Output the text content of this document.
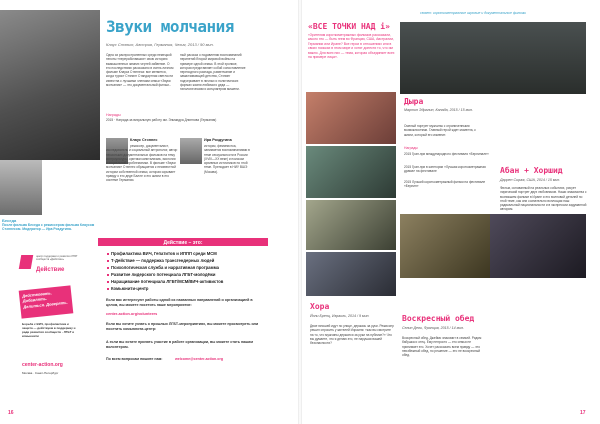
Звуки молчания
Клаус Стэнын, Австрия, Германия, Чехия, 2013 / 90 мин.
Одна из распространенных среди немецкой пехоты «переработавших» свою историю вымышленных зимних чертей забвение. О его последствиях рассказано в очень личном фильме Клауса Стэннеса: все меняется, когда турист Стэнинг Стандартная светлости известна с лучшими членами семьи «Звуки молчания» — это документальный фильм...
ный рассказ о подавлении воспоминаний перипетий Второй мировой войны на примере одной семьи. В этой хронике, которая представляет собой сопоставление переходного распада, развенчание и замалчивающей детства, Стэнинг подчеркивает в личных и политических формах жизни любимого деда — патологическим и концлагерям мишени.
Награды
2015 · Награда за визуальную работу им. Эльмидра Длиннова (Германия)
Беседа
После фильма Беседа с режиссером фильма Клаусом Стэннесом. Модератор — Ира Роздугина.
Клаус Стэннес
режиссер, документалист, исследователь и социальный антрополог, автор нескольких документальных фильмов на тему контркультуры, критики капитализма, экологии и социальной проблематики. В фильме «Звуки молчания» Стэннес обращается к неизвестной истории собственной семьи, которая скрывает правду о его деде Балле и его жизни в его системе Германии.
Ира Роздугина
историк, феминистка, занимается воспоминаниями в теме сексуальности в России (XVIII—XX веке) и поиском архивных источников по этой теме. Преподает в НИУ ВШЭ (Москва).
центр поддержки и развития ЛГБТ сообществ «Действие»
Действие
Действовать. Добавлять. Делиться. Доверять.
Борьба с ВИЧ, профилактика и защита — действуем в поддержку и ради развития сообществ · ЛГБТ и комьюнити
center-action.org
Москва · Санкт-Петербург
Действие – это:
Профилактика ВИЧ, Гепатитов и ИППП среди МСМ
Т-Действие — поддержка трансгендерных людей
Психологическая служба и нарративная программа
Развитие лидерского потенциала ЛГБТ-молодёжи
Наращивание потенциала ЛГБТ/МСМ/ВИЧ-активистов
Комьюнити-центр
Если вас интересуют работы одной из названных направлений и организацией в целом, вы можете посетить наше мероприятие:
center-action.org/volunteers
Если вы хотите узнать о прошлых ЛГБТ-мероприятиях, вы можете просмотреть или посетить комьюнити-центр:
А если вы хотите принять участие в работе организации, вы можете стать нашим волонтером.
По всем вопросам пишите нам:	welcome@center-action.org
16
сюжет: короткометражные игровые и документальные фильмы
«ВСЕ ТОЧКИ НАД i»
«Зрителям короткометражных фильмов рассказали, какого это — быть геем во Франции, США, Австралии, Германии или Иране? Все герои в отношениях или в своих поисках в этом мире и хотят донести то, что им важно. Для всех них — тема, которая объединяет всех на примере лица».
Дыра
Мартин Эдралин, Канада, 2015 / 15 мин.
Смелый портрет мужчины с ограниченными возможностями. Главный герой ждет момента, к жизни, который его изменит.
Награды
2015 Гран-при международного фестиваля «Берлинале»
2015 Гран-при в категории «Лучшая короткометражная драма» на фестивале
2015 Лучший короткометражный фильм на фестивале «Берлин»
Абан + Хоршид
Даррен Сираж, США, 2014 / 15 мин.
Фильм, основанный на реальных событиях, рисует лирический портрет двух любовников. Наши знакомства с возникшем фильме в Иране и его волновой деталей по этой теме, как они сознательно воплощая наш радикальный национальности и в экспрессии задуманной автором.
Хора
Йони Бренц, Израиль, 2014 / 9 мин.
Двое юношей идут по улице, держась за руки. Режиссер решил спросить у жителей Израиля: «как вы смотрите на то, что мужчины держатся за руки на публике?» Что вы думаете, что я делаю это, не нарушая вашей безопасности?
Воскресный обед
Селин Деви, Франция, 2015 / 14 мин.
Воскресный обед. Джеймс знакомит в семьей. Рядом бабушка и отец. Ему непросто — его семья не принимает его. Хочет рассказать всем правду — это неизбежный обед, но решение — это не воскресный обед.
17
